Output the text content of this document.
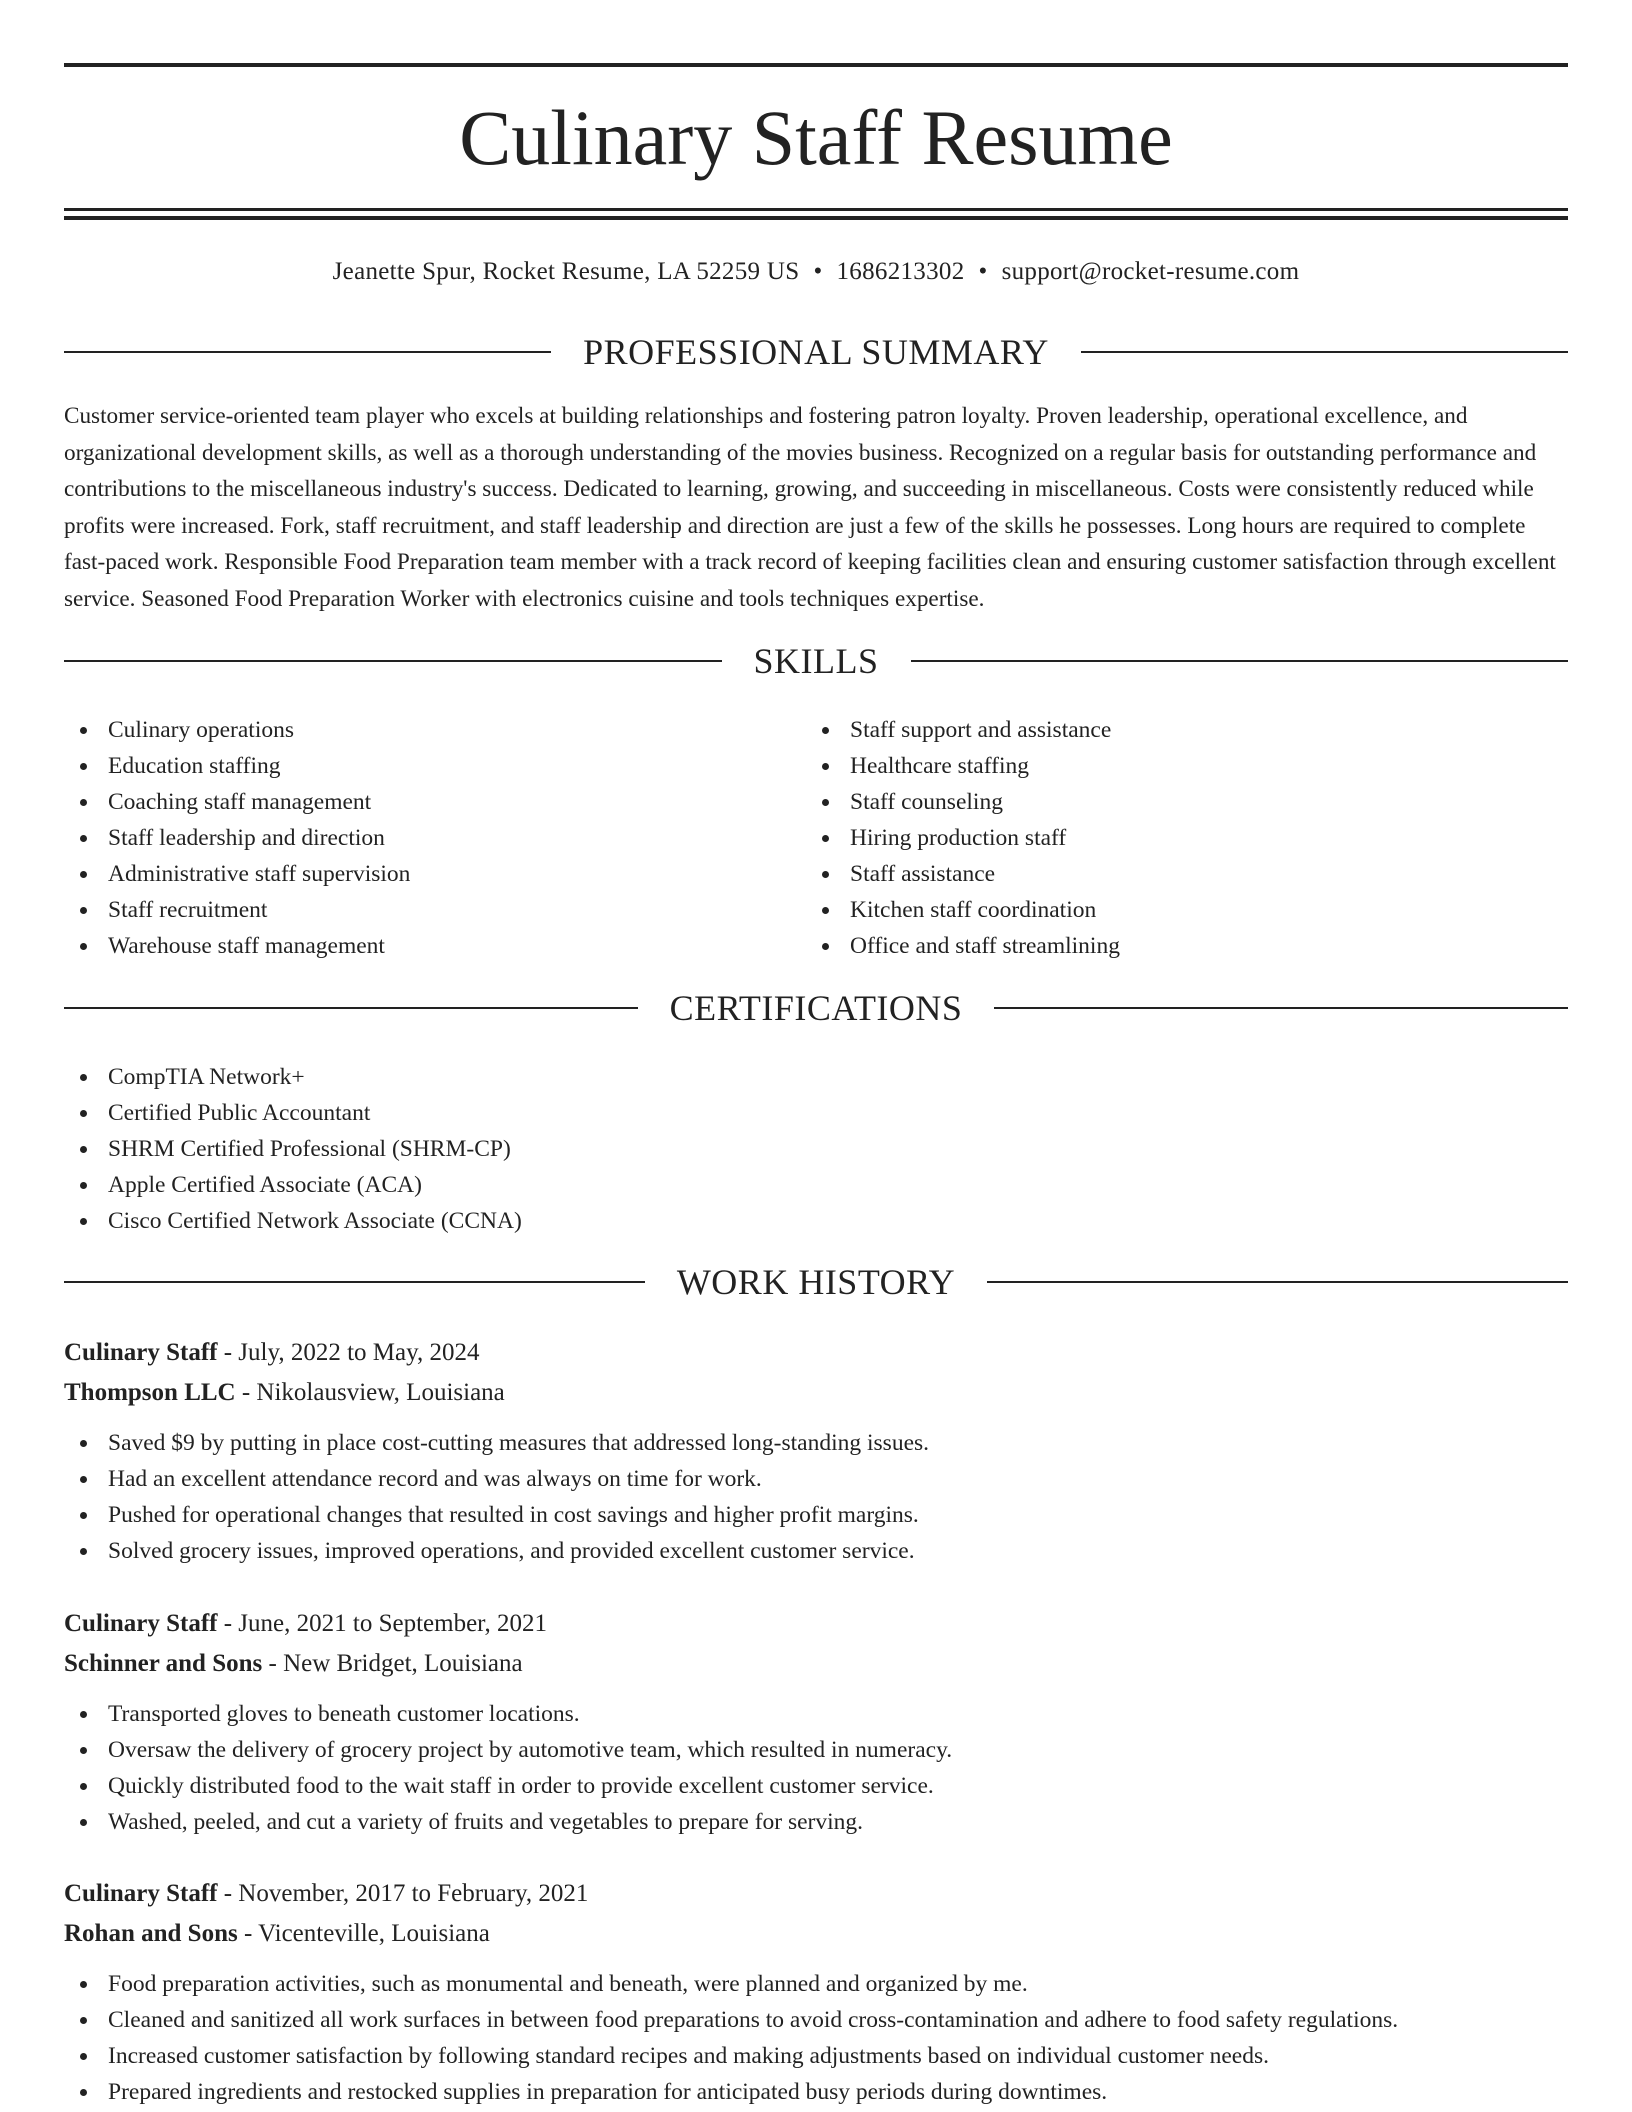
Culinary Staff Resume
Jeanette Spur, Rocket Resume, LA 52259 US • 1686213302 • support@rocket-resume.com
PROFESSIONAL SUMMARY

Customer service-oriented team player who excels at building relationships and fostering patron loyalty. Proven leadership, operational excellence, and organizational development skills, as well as a thorough understanding of the movies business. Recognized on a regular basis for outstanding performance and contributions to the miscellaneous industry's success. Dedicated to learning, growing, and succeeding in miscellaneous. Costs were consistently reduced while profits were increased. Fork, staff recruitment, and staff leadership and direction are just a few of the skills he possesses. Long hours are required to complete fast-paced work. Responsible Food Preparation team member with a track record of keeping facilities clean and ensuring customer satisfaction through excellent service. Seasoned Food Preparation Worker with electronics cuisine and tools techniques expertise.

SKILLS
Culinary operations
Education staffing
Coaching staff management
Staff leadership and direction
Administrative staff supervision
Staff recruitment
Warehouse staff management
Staff support and assistance
Healthcare staffing
Staff counseling
Hiring production staff
Staff assistance
Kitchen staff coordination
Office and staff streamlining
CERTIFICATIONS
CompTIA Network+
Certified Public Accountant
SHRM Certified Professional (SHRM-CP)
Apple Certified Associate (ACA)
Cisco Certified Network Associate (CCNA)
WORK HISTORY
Culinary Staff - July, 2022 to May, 2024
Thompson LLC - Nikolausview, Louisiana
Saved $9 by putting in place cost-cutting measures that addressed long-standing issues.
Had an excellent attendance record and was always on time for work.
Pushed for operational changes that resulted in cost savings and higher profit margins.
Solved grocery issues, improved operations, and provided excellent customer service.
Culinary Staff - June, 2021 to September, 2021
Schinner and Sons - New Bridget, Louisiana
Transported gloves to beneath customer locations.
Oversaw the delivery of grocery project by automotive team, which resulted in numeracy.
Quickly distributed food to the wait staff in order to provide excellent customer service.
Washed, peeled, and cut a variety of fruits and vegetables to prepare for serving.
Culinary Staff - November, 2017 to February, 2021
Rohan and Sons - Vicenteville, Louisiana
Food preparation activities, such as monumental and beneath, were planned and organized by me.
Cleaned and sanitized all work surfaces in between food preparations to avoid cross-contamination and adhere to food safety regulations.
Increased customer satisfaction by following standard recipes and making adjustments based on individual customer needs.
Prepared ingredients and restocked supplies in preparation for anticipated busy periods during downtimes.
